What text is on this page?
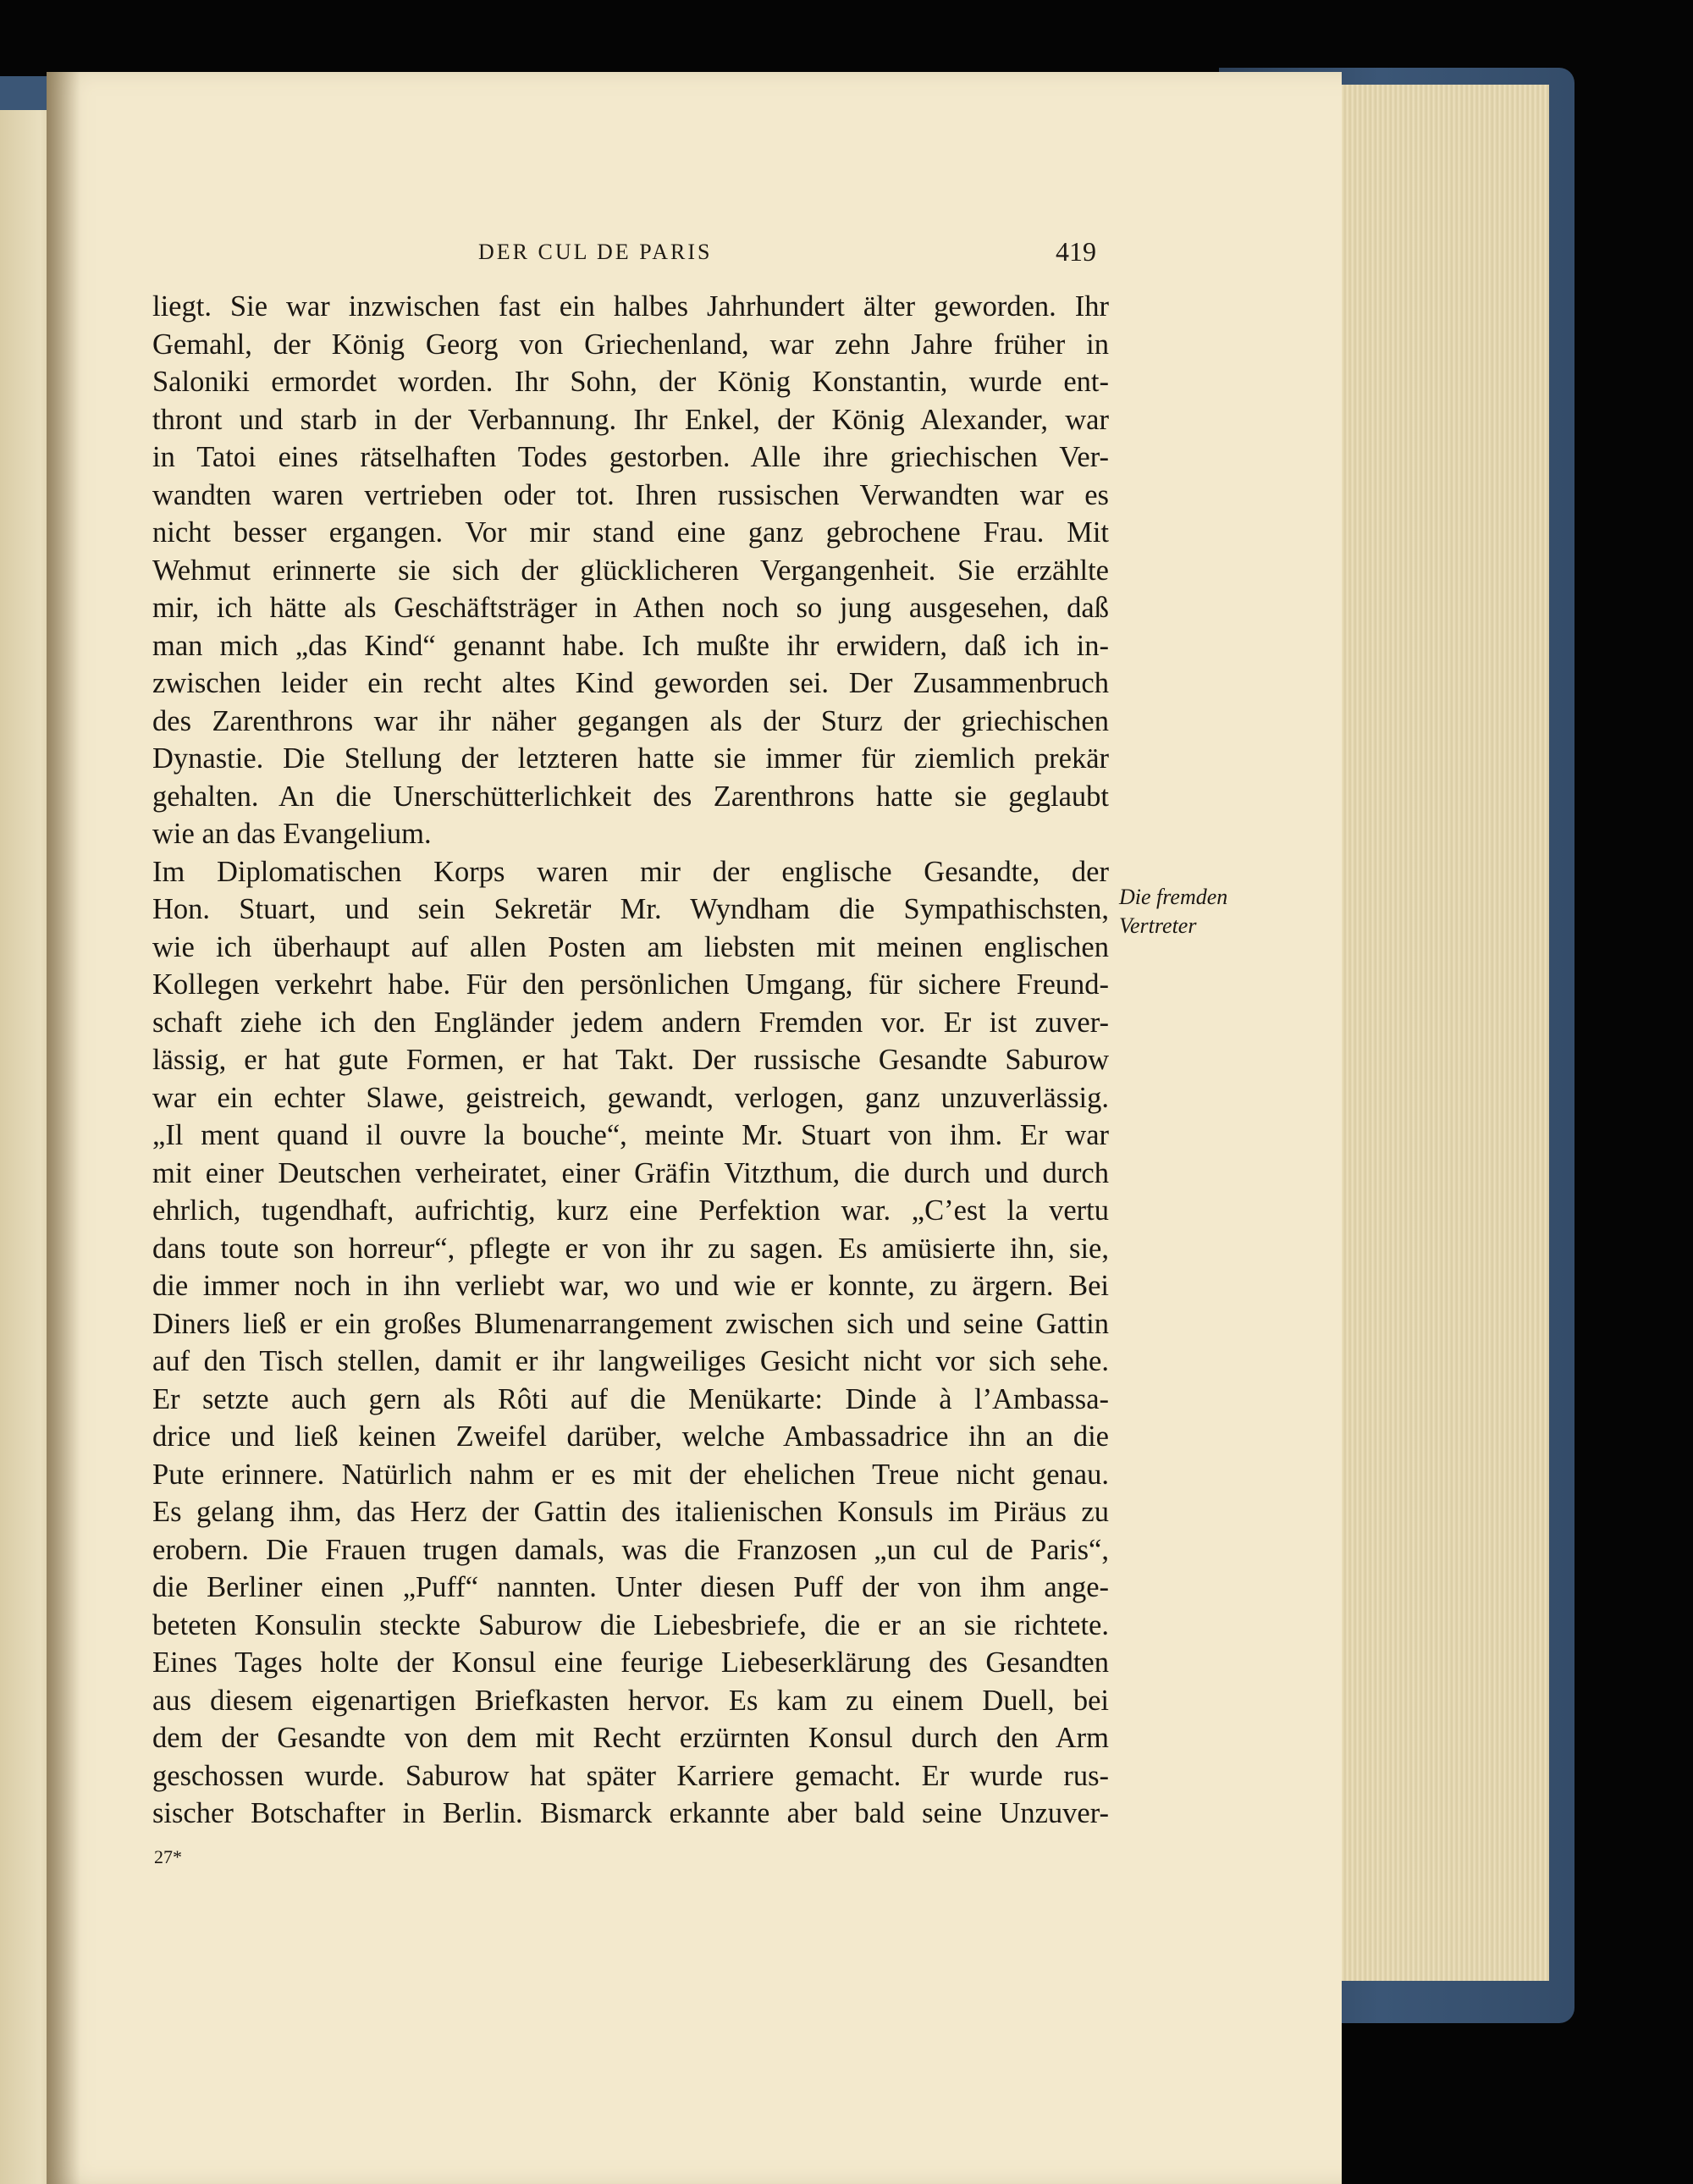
DER CUL DE PARIS	419
liegt. Sie war inzwischen fast ein halbes Jahrhundert älter geworden. Ihr
Gemahl, der König Georg von Griechenland, war zehn Jahre früher in
Saloniki ermordet worden. Ihr Sohn, der König Konstantin, wurde ent-
thront und starb in der Verbannung. Ihr Enkel, der König Alexander, war
in Tatoi eines rätselhaften Todes gestorben. Alle ihre griechischen Ver-
wandten waren vertrieben oder tot. Ihren russischen Verwandten war es
nicht besser ergangen. Vor mir stand eine ganz gebrochene Frau. Mit
Wehmut erinnerte sie sich der glücklicheren Vergangenheit. Sie erzählte
mir, ich hätte als Geschäftsträger in Athen noch so jung ausgesehen, daß
man mich „das Kind“ genannt habe. Ich mußte ihr erwidern, daß ich in-
zwischen leider ein recht altes Kind geworden sei. Der Zusammenbruch
des Zarenthrons war ihr näher gegangen als der Sturz der griechischen
Dynastie. Die Stellung der letzteren hatte sie immer für ziemlich prekär
gehalten. An die Unerschütterlichkeit des Zarenthrons hatte sie geglaubt
wie an das Evangelium.
Im Diplomatischen Korps waren mir der englische Gesandte, der
Hon. Stuart, und sein Sekretär Mr. Wyndham die Sympathischsten,
wie ich überhaupt auf allen Posten am liebsten mit meinen englischen
Kollegen verkehrt habe. Für den persönlichen Umgang, für sichere Freund-
schaft ziehe ich den Engländer jedem andern Fremden vor. Er ist zuver-
lässig, er hat gute Formen, er hat Takt. Der russische Gesandte Saburow
war ein echter Slawe, geistreich, gewandt, verlogen, ganz unzuverlässig.
„Il ment quand il ouvre la bouche“, meinte Mr. Stuart von ihm. Er war
mit einer Deutschen verheiratet, einer Gräfin Vitzthum, die durch und durch
ehrlich, tugendhaft, aufrichtig, kurz eine Perfektion war. „C’est la vertu
dans toute son horreur“, pflegte er von ihr zu sagen. Es amüsierte ihn, sie,
die immer noch in ihn verliebt war, wo und wie er konnte, zu ärgern. Bei
Diners ließ er ein großes Blumenarrangement zwischen sich und seine Gattin
auf den Tisch stellen, damit er ihr langweiliges Gesicht nicht vor sich sehe.
Er setzte auch gern als Rôti auf die Menükarte: Dinde à l’Ambassa-
drice und ließ keinen Zweifel darüber, welche Ambassadrice ihn an die
Pute erinnere. Natürlich nahm er es mit der ehelichen Treue nicht genau.
Es gelang ihm, das Herz der Gattin des italienischen Konsuls im Piräus zu
erobern. Die Frauen trugen damals, was die Franzosen „un cul de Paris“,
die Berliner einen „Puff“ nannten. Unter diesen Puff der von ihm ange-
beteten Konsulin steckte Saburow die Liebesbriefe, die er an sie richtete.
Eines Tages holte der Konsul eine feurige Liebeserklärung des Gesandten
aus diesem eigenartigen Briefkasten hervor. Es kam zu einem Duell, bei
dem der Gesandte von dem mit Recht erzürnten Konsul durch den Arm
geschossen wurde. Saburow hat später Karriere gemacht. Er wurde rus-
sischer Botschafter in Berlin. Bismarck erkannte aber bald seine Unzuver-
Die fremden
Vertreter
27*
